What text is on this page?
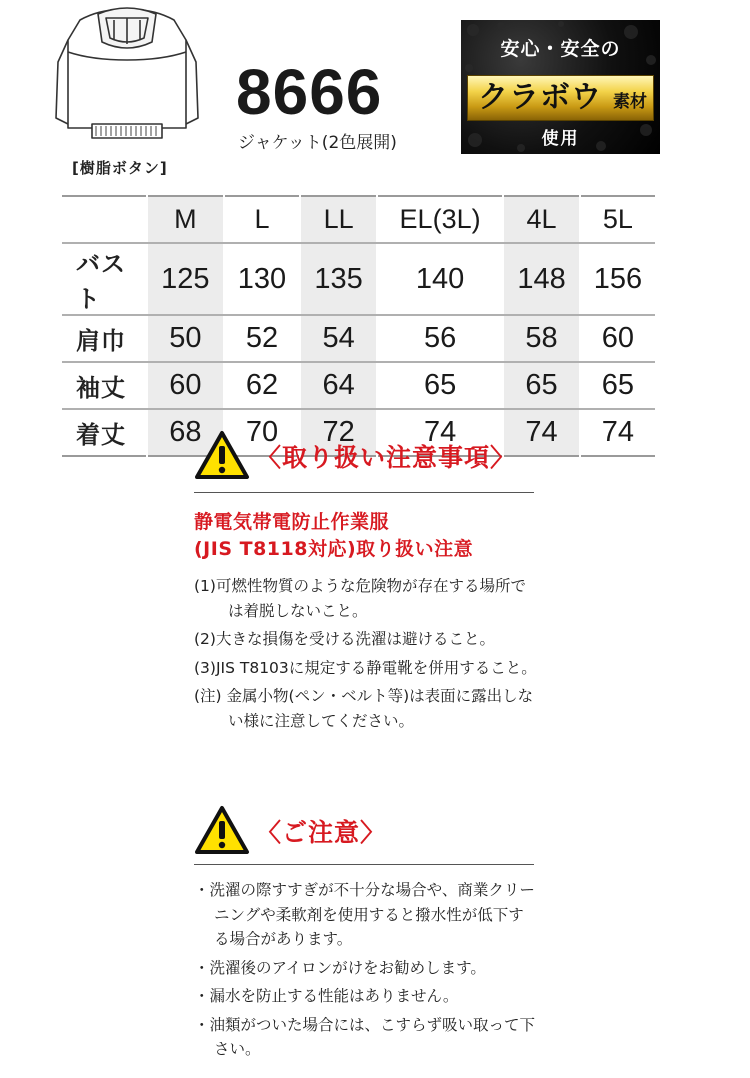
[樹脂ボタン]
8666
ジャケット(2色展開)
安心・安全の
クラボウ 素材
使用
	M	L	LL	EL(3L)	4L	5L
バスト	125	130	135	140	148	156
肩巾	50	52	54	56	58	60
袖丈	60	62	64	65	65	65
着丈	68	70	72	74	74	74
〈取り扱い注意事項〉
静電気帯電防止作業服
(JIS T8118対応)取り扱い注意
(1)可燃性物質のような危険物が存在する場所では着脱しないこと。
(2)大きな損傷を受ける洗濯は避けること。
(3)JIS T8103に規定する静電靴を併用すること。
(注) 金属小物(ペン・ベルト等)は表面に露出しない様に注意してください。
〈ご注意〉
・洗濯の際すすぎが不十分な場合や、商業クリーニングや柔軟剤を使用すると撥水性が低下する場合があります。
・洗濯後のアイロンがけをお勧めします。
・漏水を防止する性能はありません。
・油類がついた場合には、こすらず吸い取って下さい。
